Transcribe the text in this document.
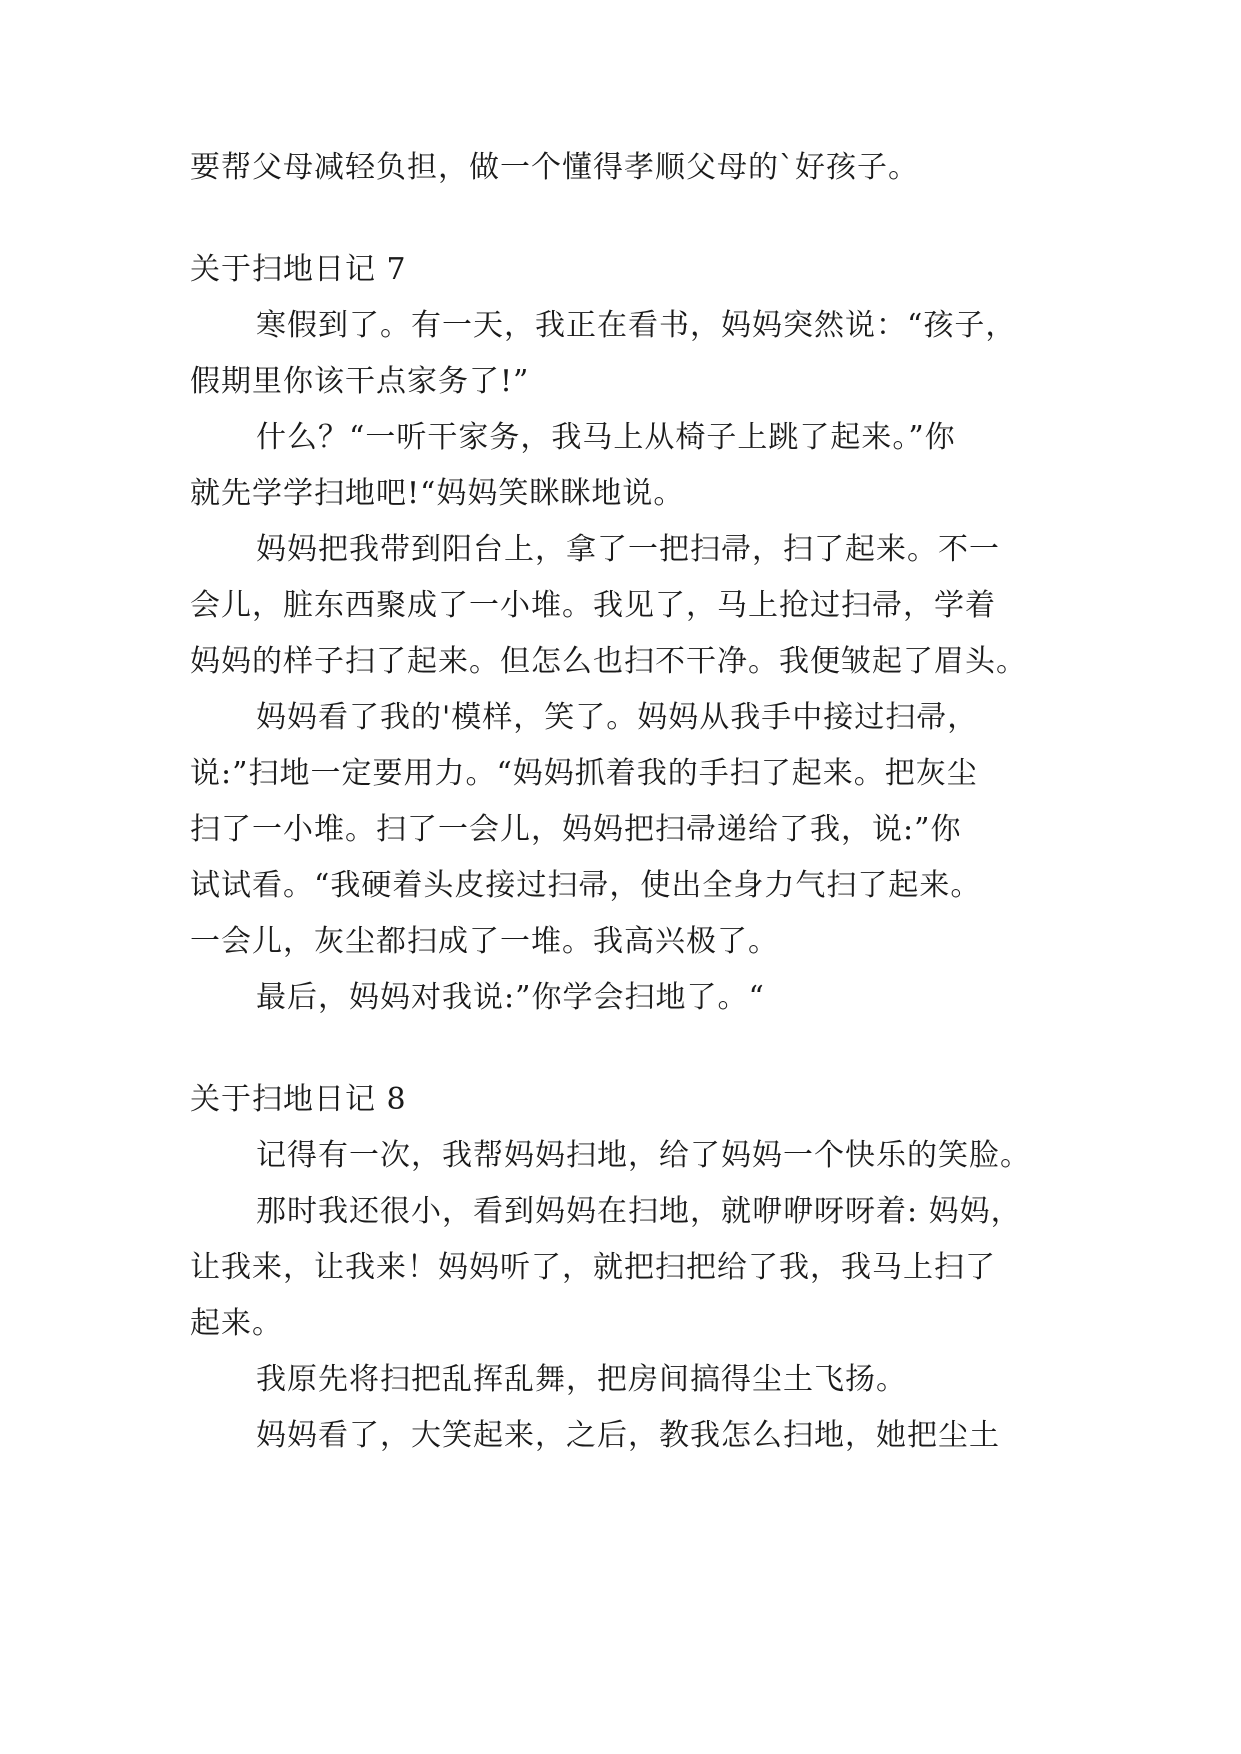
要帮父母减轻负担，做一个懂得孝顺父母的`好孩子。
关于扫地日记 7
寒假到了。有一天，我正在看书，妈妈突然说：“孩子，
假期里你该干点家务了!”
什么？“一听干家务，我马上从椅子上跳了起来。”你
就先学学扫地吧!“妈妈笑眯眯地说。
妈妈把我带到阳台上，拿了一把扫帚，扫了起来。不一
会儿，脏东西聚成了一小堆。我见了，马上抢过扫帚，学着
妈妈的样子扫了起来。但怎么也扫不干净。我便皱起了眉头。
妈妈看了我的'模样，笑了。妈妈从我手中接过扫帚，
说:”扫地一定要用力。“妈妈抓着我的手扫了起来。把灰尘
扫了一小堆。扫了一会儿，妈妈把扫帚递给了我，说:”你
试试看。“我硬着头皮接过扫帚，使出全身力气扫了起来。
一会儿，灰尘都扫成了一堆。我高兴极了。
最后，妈妈对我说:”你学会扫地了。“
关于扫地日记 8
记得有一次，我帮妈妈扫地，给了妈妈一个快乐的笑脸。
那时我还很小，看到妈妈在扫地，就咿咿呀呀着: 妈妈，
让我来，让我来！妈妈听了，就把扫把给了我，我马上扫了
起来。
我原先将扫把乱挥乱舞，把房间搞得尘土飞扬。
妈妈看了，大笑起来，之后，教我怎么扫地，她把尘土
